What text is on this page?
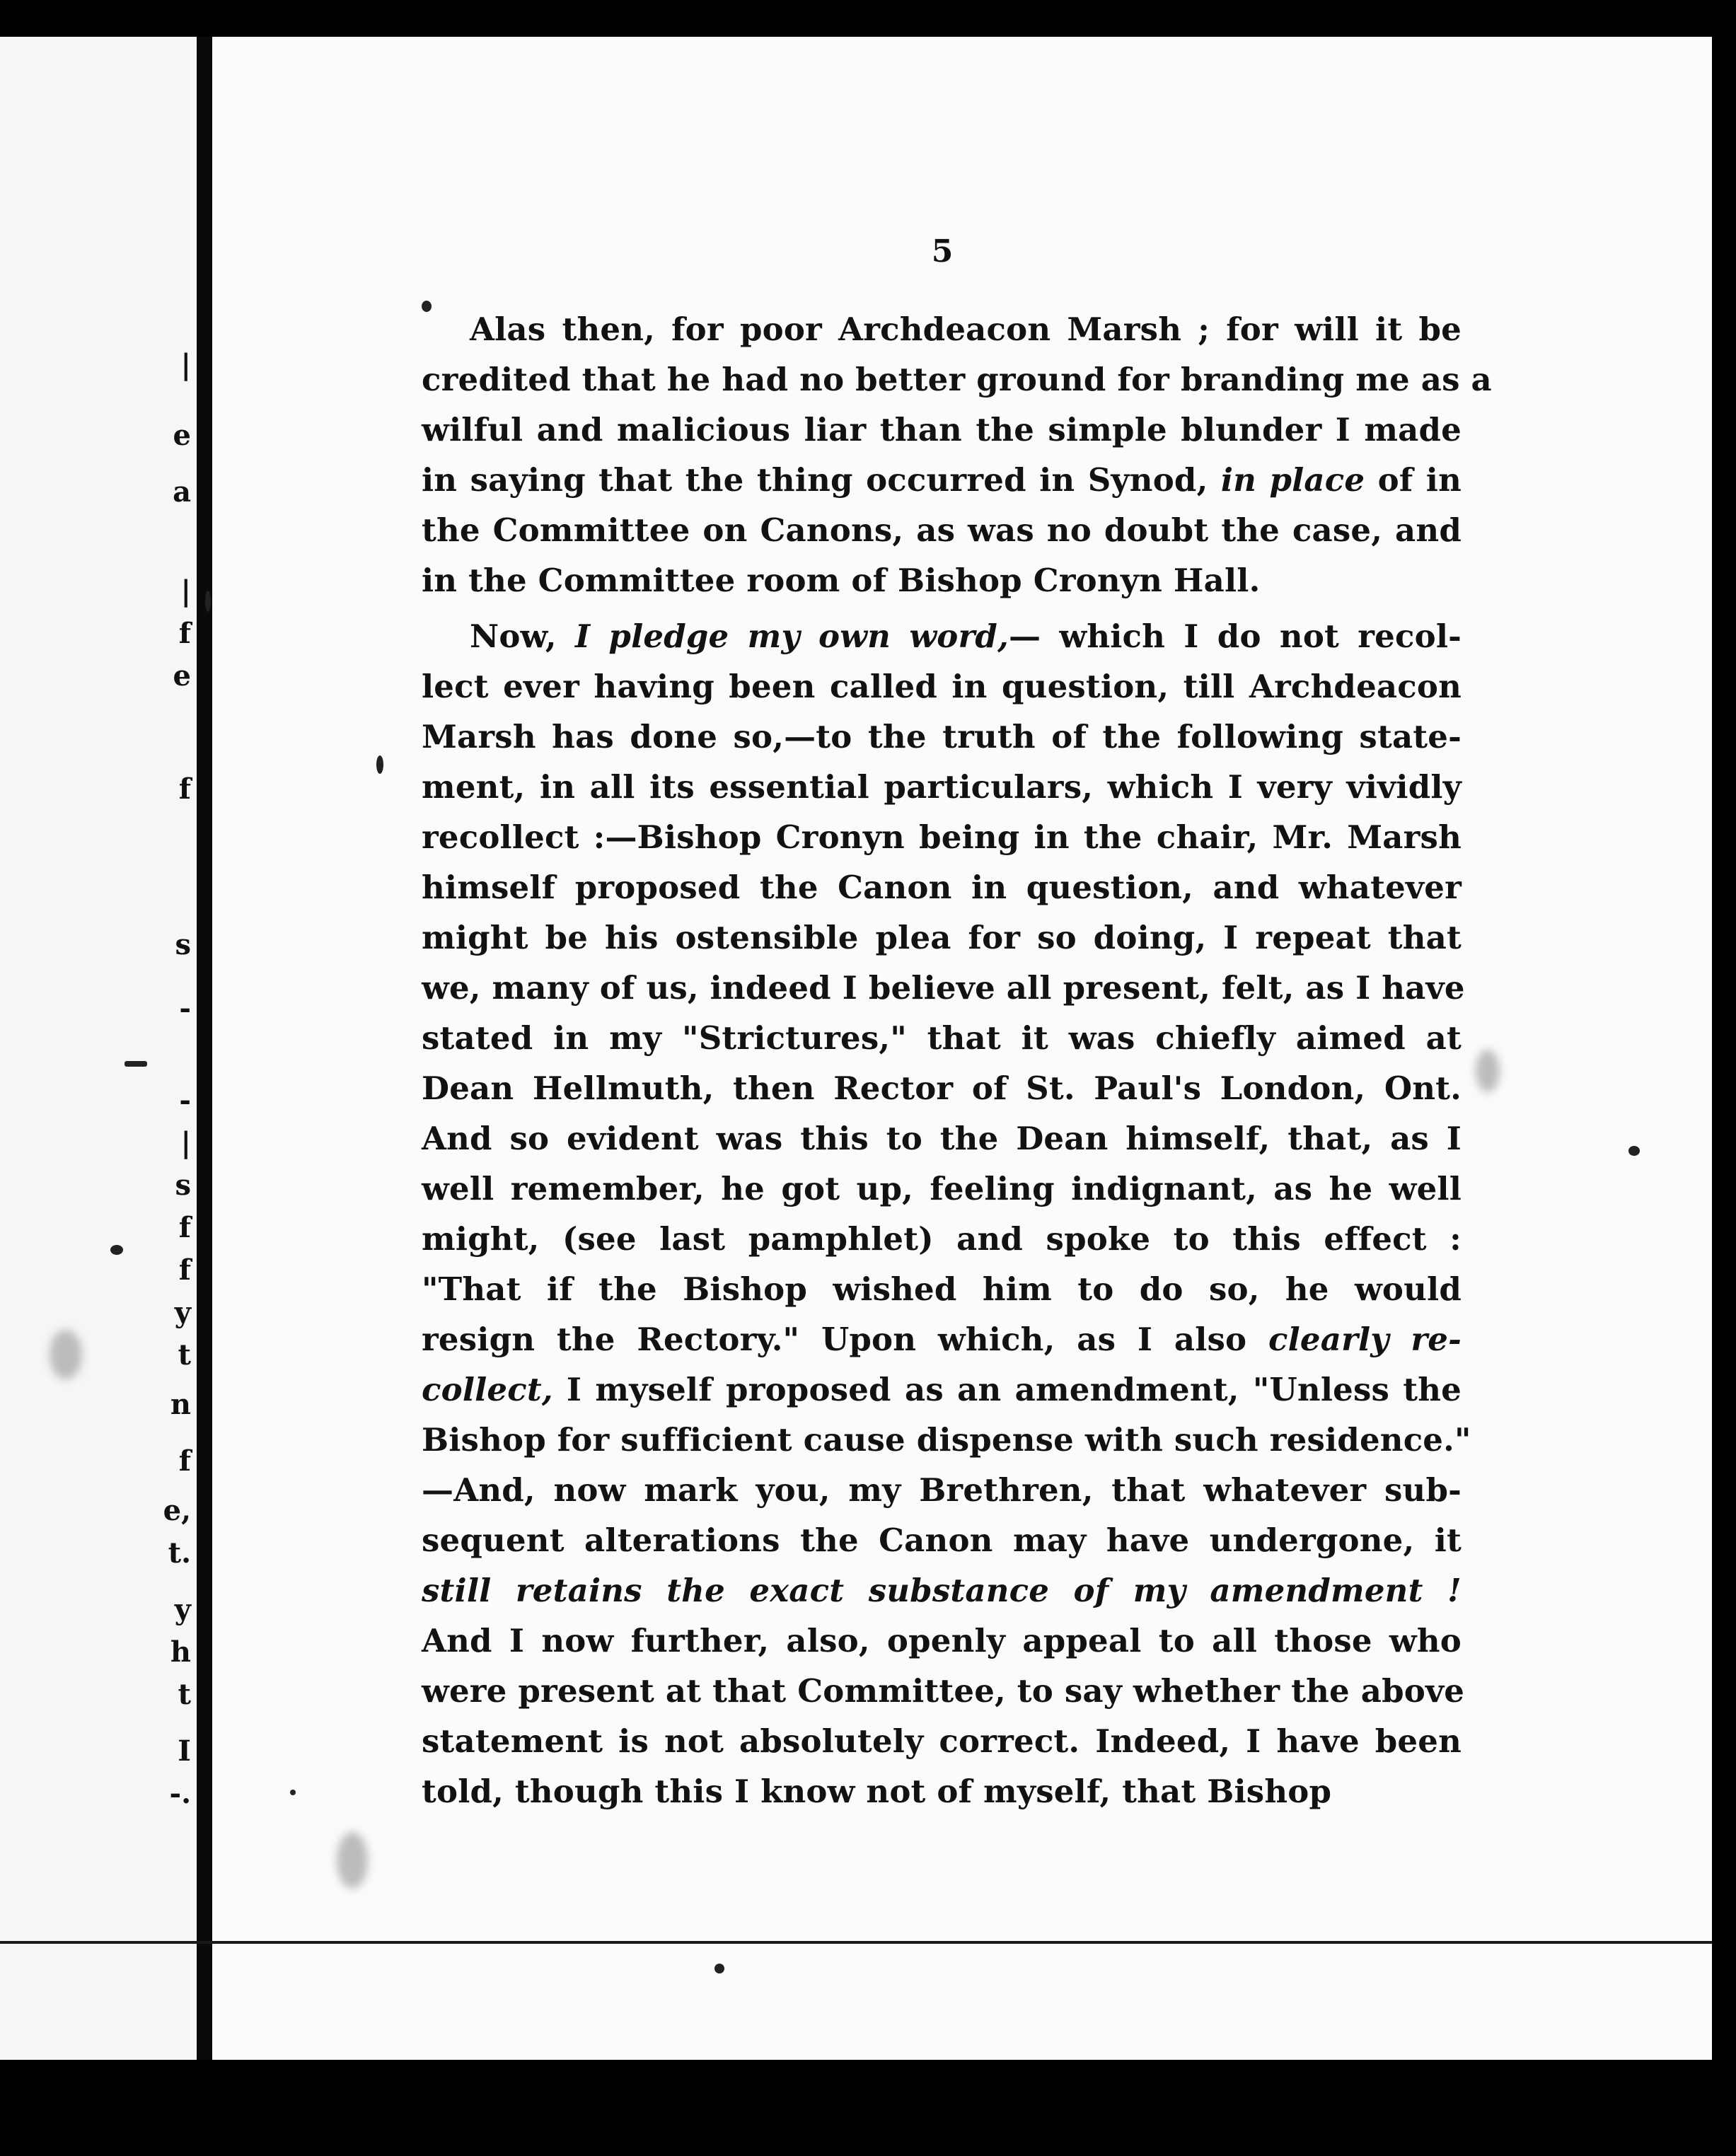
|
e
a
|
f
e
f
s
-
-
|
s
f
f
y
t
n
f
e,
t.
y
h
t
I
-.
5

Alas then, for poor Archdeacon Marsh ; for will it be
credited that he had no better ground for branding me as a
wilful and malicious liar than the simple blunder I made
in saying that the thing occurred in Synod, in place of in
the Committee on Canons, as was no doubt the case, and
in the Committee room of Bishop Cronyn Hall.

Now, I pledge my own word,— which I do not recol-
lect ever having been called in question, till Archdeacon
Marsh has done so,—to the truth of the following state-
ment, in all its essential particulars, which I very vividly
recollect :—Bishop Cronyn being in the chair, Mr. Marsh
himself proposed the Canon in question, and whatever
might be his ostensible plea for so doing, I repeat that
we, many of us, indeed I believe all present, felt, as I have
stated in my "Strictures," that it was chiefly aimed at
Dean Hellmuth, then Rector of St. Paul's London, Ont.
And so evident was this to the Dean himself, that, as I
well remember, he got up, feeling indignant, as he well
might, (see last pamphlet) and spoke to this effect :
"That if the Bishop wished him to do so, he would
resign the Rectory." Upon which, as I also clearly re-
collect, I myself proposed as an amendment, "Unless the
Bishop for sufficient cause dispense with such residence."
—And, now mark you, my Brethren, that whatever sub-
sequent alterations the Canon may have undergone, it
still retains the exact substance of my amendment !
And I now further, also, openly appeal to all those who
were present at that Committee, to say whether the above
statement is not absolutely correct. Indeed, I have been
told, though this I know not of myself, that Bishop
